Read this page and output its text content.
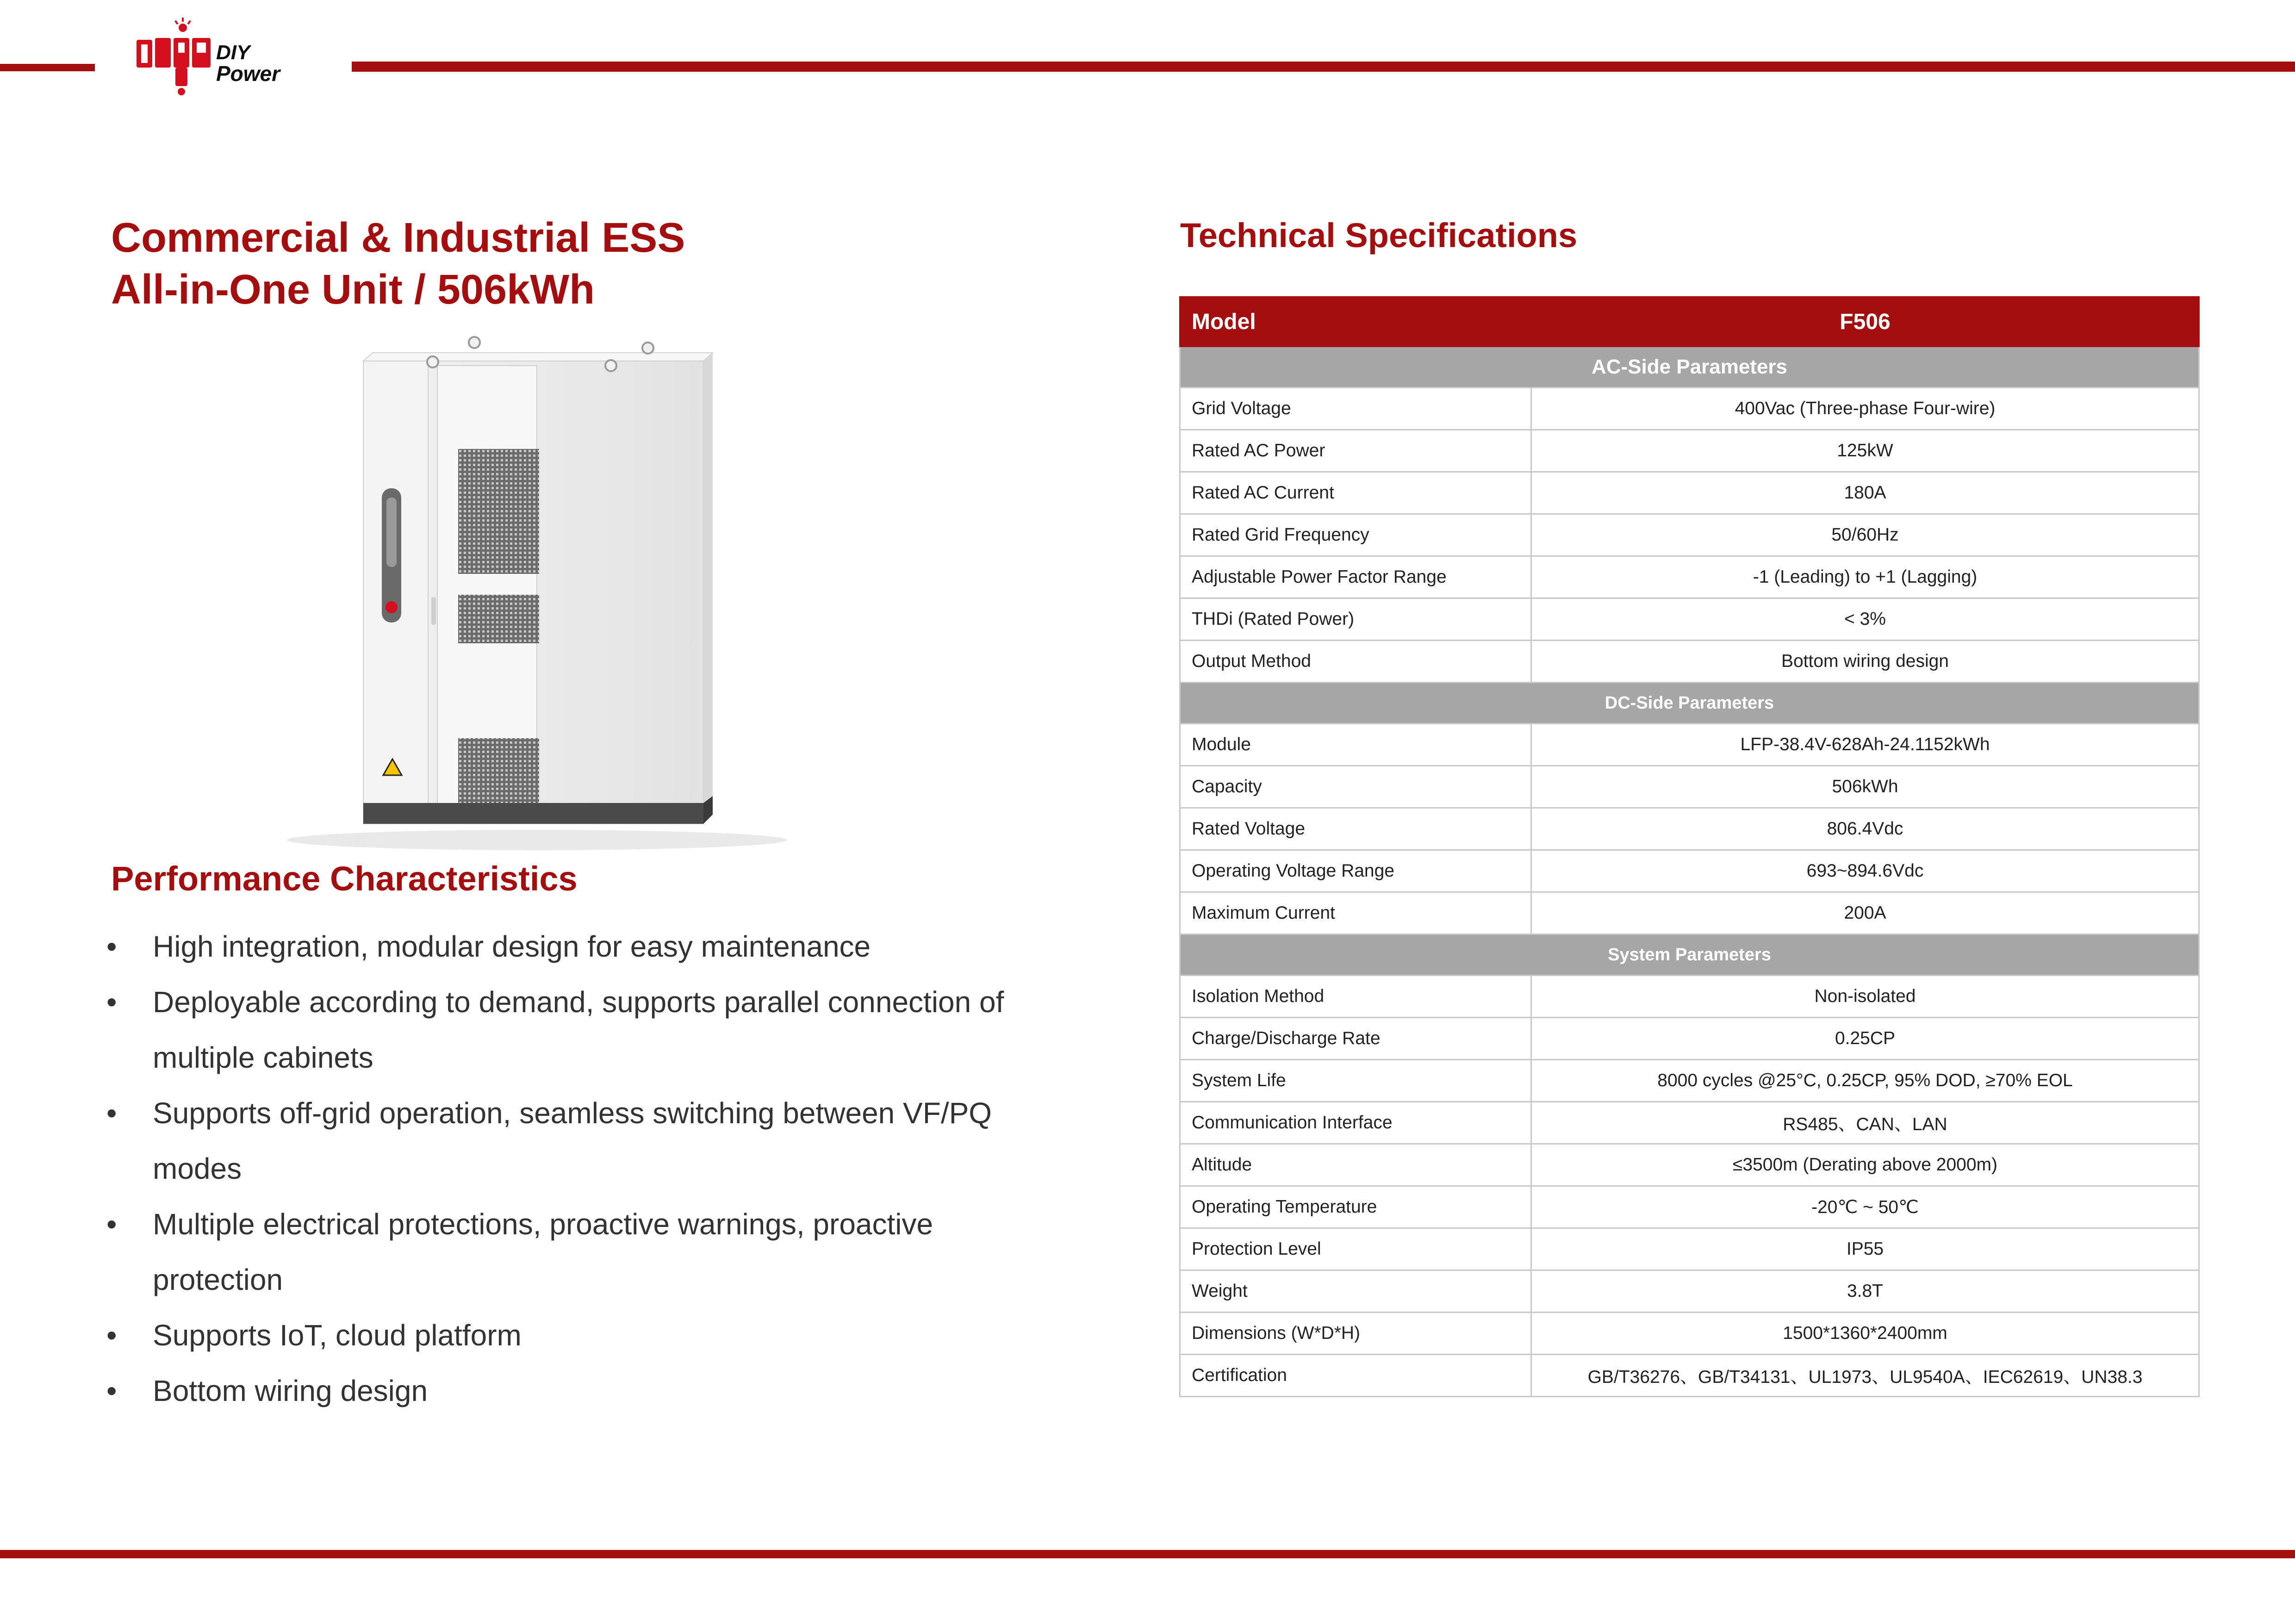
DIY
Power
Commercial & Industrial ESS
All-in-One Unit / 506kWh
Performance Characteristics
• High integration, modular design for easy maintenance
• Deployable according to demand, supports parallel connection of multiple cabinets
• Supports off-grid operation, seamless switching between VF/PQ modes
• Multiple electrical protections, proactive warnings, proactive protection
• Supports IoT, cloud platform
• Bottom wiring design
Technical Specifications
Model	F506
AC-Side Parameters	
Grid Voltage	400Vac (Three-phase Four-wire)
Rated AC Power	125kW
Rated AC Current	180A
Rated Grid Frequency	50/60Hz
Adjustable Power Factor Range	-1 (Leading) to +1 (Lagging)
THDi (Rated Power)	< 3%
Output Method	Bottom wiring design
DC-Side Parameters	
Module	LFP-38.4V-628Ah-24.1152kWh
Capacity	506kWh
Rated Voltage	806.4Vdc
Operating Voltage Range	693~894.6Vdc
Maximum Current	200A
System Parameters	
Isolation Method	Non-isolated
Charge/Discharge Rate	0.25CP
System Life	8000 cycles @25°C, 0.25CP, 95% DOD, ≥70% EOL
Communication Interface	RS485、CAN、LAN
Altitude	≤3500m (Derating above 2000m)
Operating Temperature	-20℃ ~ 50℃
Protection Level	IP55
Weight	3.8T
Dimensions (W*D*H)	1500*1360*2400mm
Certification	GB/T36276、GB/T34131、UL1973、UL9540A、IEC62619、UN38.3
